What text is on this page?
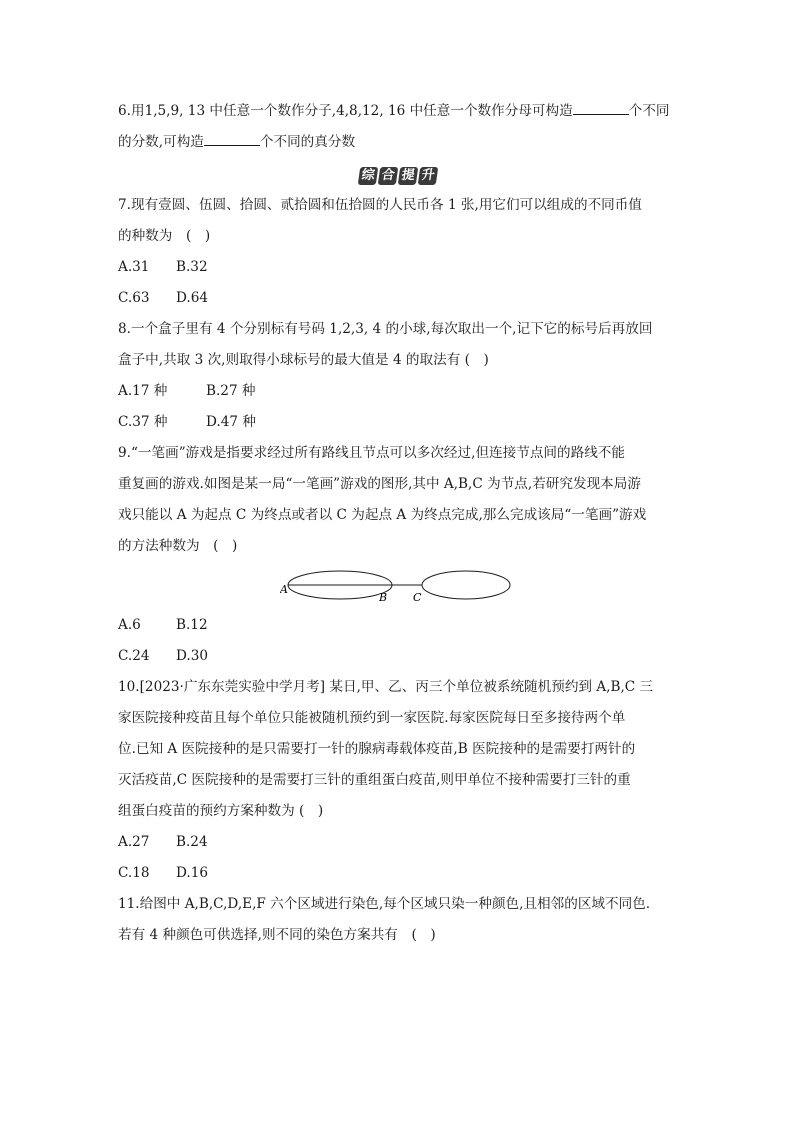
6.用1,5,9, 13 中任意一个数作分子,4,8,12, 16 中任意一个数作分母可构造	个不同
的分数,可构造	个不同的真分数
综 合 提 升
7.现有壹圆、伍圆、拾圆、贰拾圆和伍拾圆的人民币各 1 张,用它们可以组成的不同币值
的种数为　(　)
A.31 B.32
C.63 D.64
8.一个盒子里有 4 个分别标有号码 1,2,3, 4 的小球,每次取出一个,记下它的标号后再放回
盒子中,共取 3 次,则取得小球标号的最大值是 4 的取法有 (　)
A.17 种	B.27 种
C.37 种	D.47 种
9.“一笔画”游戏是指要求经过所有路线且节点可以多次经过,但连接节点间的路线不能
重复画的游戏.如图是某一局“一笔画”游戏的图形,其中 A,B,C 为节点,若研究发现本局游
戏只能以 A 为起点 C 为终点或者以 C 为起点 A 为终点完成,那么完成该局“一笔画”游戏
的方法种数为　(　)
A
B C
A.6	B.12
C.24 D.30
10.[2023·广东东莞实验中学月考] 某日,甲、乙、丙三个单位被系统随机预约到 A,B,C 三
家医院接种疫苗且每个单位只能被随机预约到一家医院.每家医院每日至多接待两个单
位.已知 A 医院接种的是只需要打一针的腺病毒载体疫苗,B 医院接种的是需要打两针的
灭活疫苗,C 医院接种的是需要打三针的重组蛋白疫苗,则甲单位不接种需要打三针的重
组蛋白疫苗的预约方案种数为 (　)
A.27 B.24
C.18 D.16
11.给图中 A,B,C,D,E,F 六个区域进行染色,每个区域只染一种颜色,且相邻的区域不同色.
若有 4 种颜色可供选择,则不同的染色方案共有　(　)
